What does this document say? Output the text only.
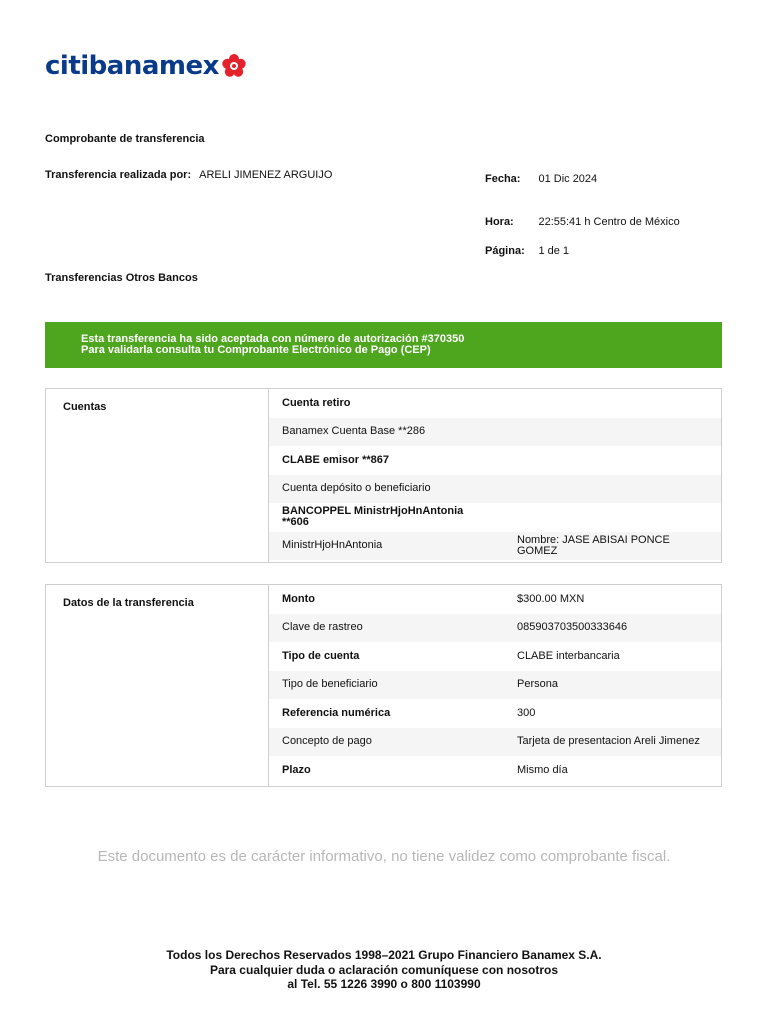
citibanamex
Comprobante de transferencia
Transferencia realizada por: ARELI JIMENEZ ARGUIJO	Fecha: 01 Dic 2024
Hora: 22:55:41 h Centro de México
Página: 1 de 1
Transferencias Otros Bancos
Esta transferencia ha sido aceptada con número de autorización #370350
Para validarla consulta tu Comprobante Electrónico de Pago (CEP)
Cuentas	Cuenta retiro
Banamex Cuenta Base **286
CLABE emisor **867
Cuenta depósito o beneficiario
BANCOPPEL MinistrHjoHnAntonia **606
MinistrHjoHnAntonia	Nombre: JASE ABISAI PONCE GOMEZ
Datos de la transferencia	Monto	$300.00 MXN
Clave de rastreo	085903703500333646
Tipo de cuenta	CLABE interbancaria
Tipo de beneficiario	Persona
Referencia numérica	300
Concepto de pago	Tarjeta de presentacion Areli Jimenez
Plazo	Mismo día
Este documento es de carácter informativo, no tiene validez como comprobante fiscal.
Todos los Derechos Reservados 1998–2021 Grupo Financiero Banamex S.A.
Para cualquier duda o aclaración comuníquese con nosotros
al Tel. 55 1226 3990 o 800 1103990
